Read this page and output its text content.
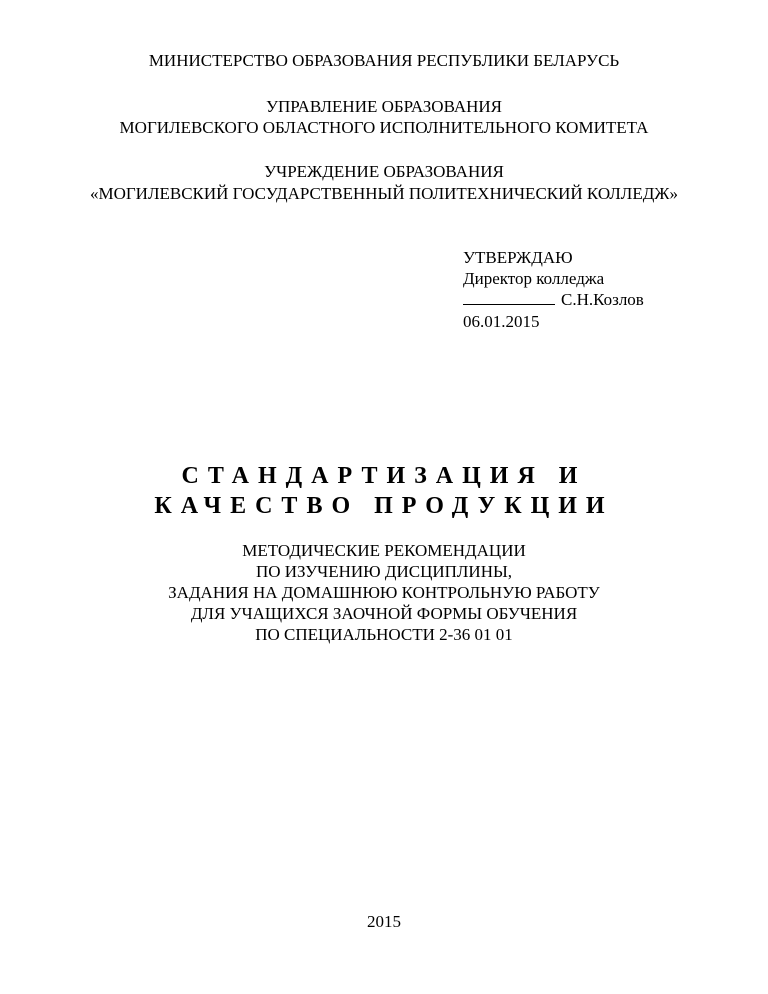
МИНИСТЕРСТВО ОБРАЗОВАНИЯ РЕСПУБЛИКИ БЕЛАРУСЬ
УПРАВЛЕНИЕ ОБРАЗОВАНИЯ
МОГИЛЕВСКОГО ОБЛАСТНОГО ИСПОЛНИТЕЛЬНОГО КОМИТЕТА
УЧРЕЖДЕНИЕ ОБРАЗОВАНИЯ
«МОГИЛЕВСКИЙ ГОСУДАРСТВЕННЫЙ ПОЛИТЕХНИЧЕСКИЙ КОЛЛЕДЖ»
УТВЕРЖДАЮ
Директор колледжа
С.Н.Козлов
06.01.2015
СТАНДАРТИЗАЦИЯ И
КАЧЕСТВО ПРОДУКЦИИ
МЕТОДИЧЕСКИЕ РЕКОМЕНДАЦИИ
ПО ИЗУЧЕНИЮ ДИСЦИПЛИНЫ,
ЗАДАНИЯ НА ДОМАШНЮЮ КОНТРОЛЬНУЮ РАБОТУ
ДЛЯ УЧАЩИХСЯ ЗАОЧНОЙ ФОРМЫ ОБУЧЕНИЯ
ПО СПЕЦИАЛЬНОСТИ 2-36 01 01
2015
